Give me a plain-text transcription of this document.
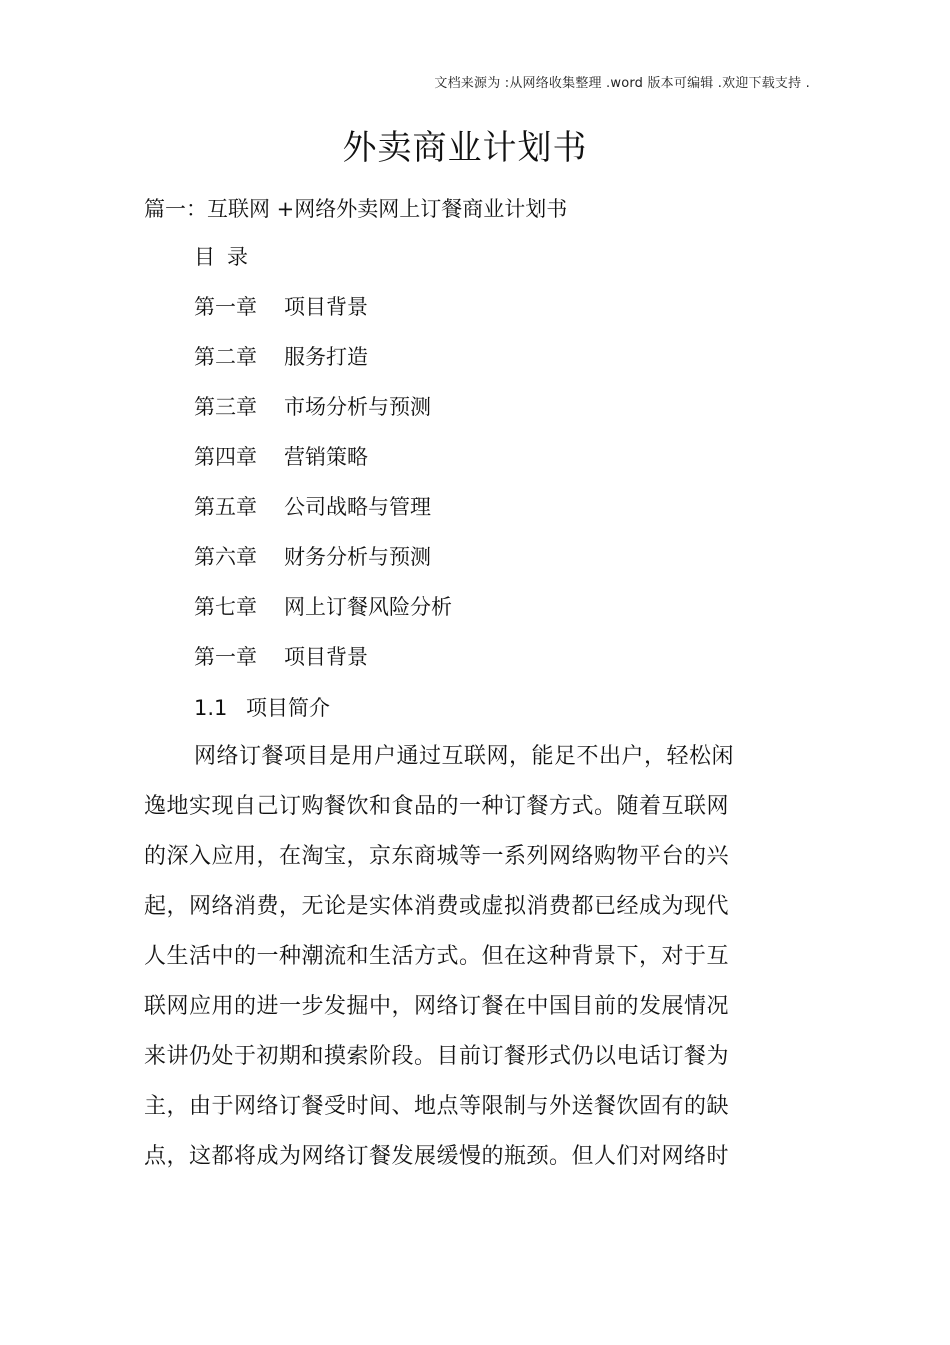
文档来源为 :从网络收集整理 .word 版本可编辑 .欢迎下载支持 .
外卖商业计划书
篇一：互联网 +网络外卖网上订餐商业计划书
目录
第一章 项目背景
第二章 服务打造
第三章 市场分析与预测
第四章 营销策略
第五章 公司战略与管理
第六章 财务分析与预测
第七章 网上订餐风险分析
第一章 项目背景
1.1 项目简介
网络订餐项目是用户通过互联网，能足不出户，轻松闲
逸地实现自己订购餐饮和食品的一种订餐方式。随着互联网
的深入应用，在淘宝，京东商城等一系列网络购物平台的兴
起，网络消费，无论是实体消费或虚拟消费都已经成为现代
人生活中的一种潮流和生活方式。但在这种背景下，对于互
联网应用的进一步发掘中，网络订餐在中国目前的发展情况
来讲仍处于初期和摸索阶段。目前订餐形式仍以电话订餐为
主，由于网络订餐受时间、地点等限制与外送餐饮固有的缺
点，这都将成为网络订餐发展缓慢的瓶颈。但人们对网络时
